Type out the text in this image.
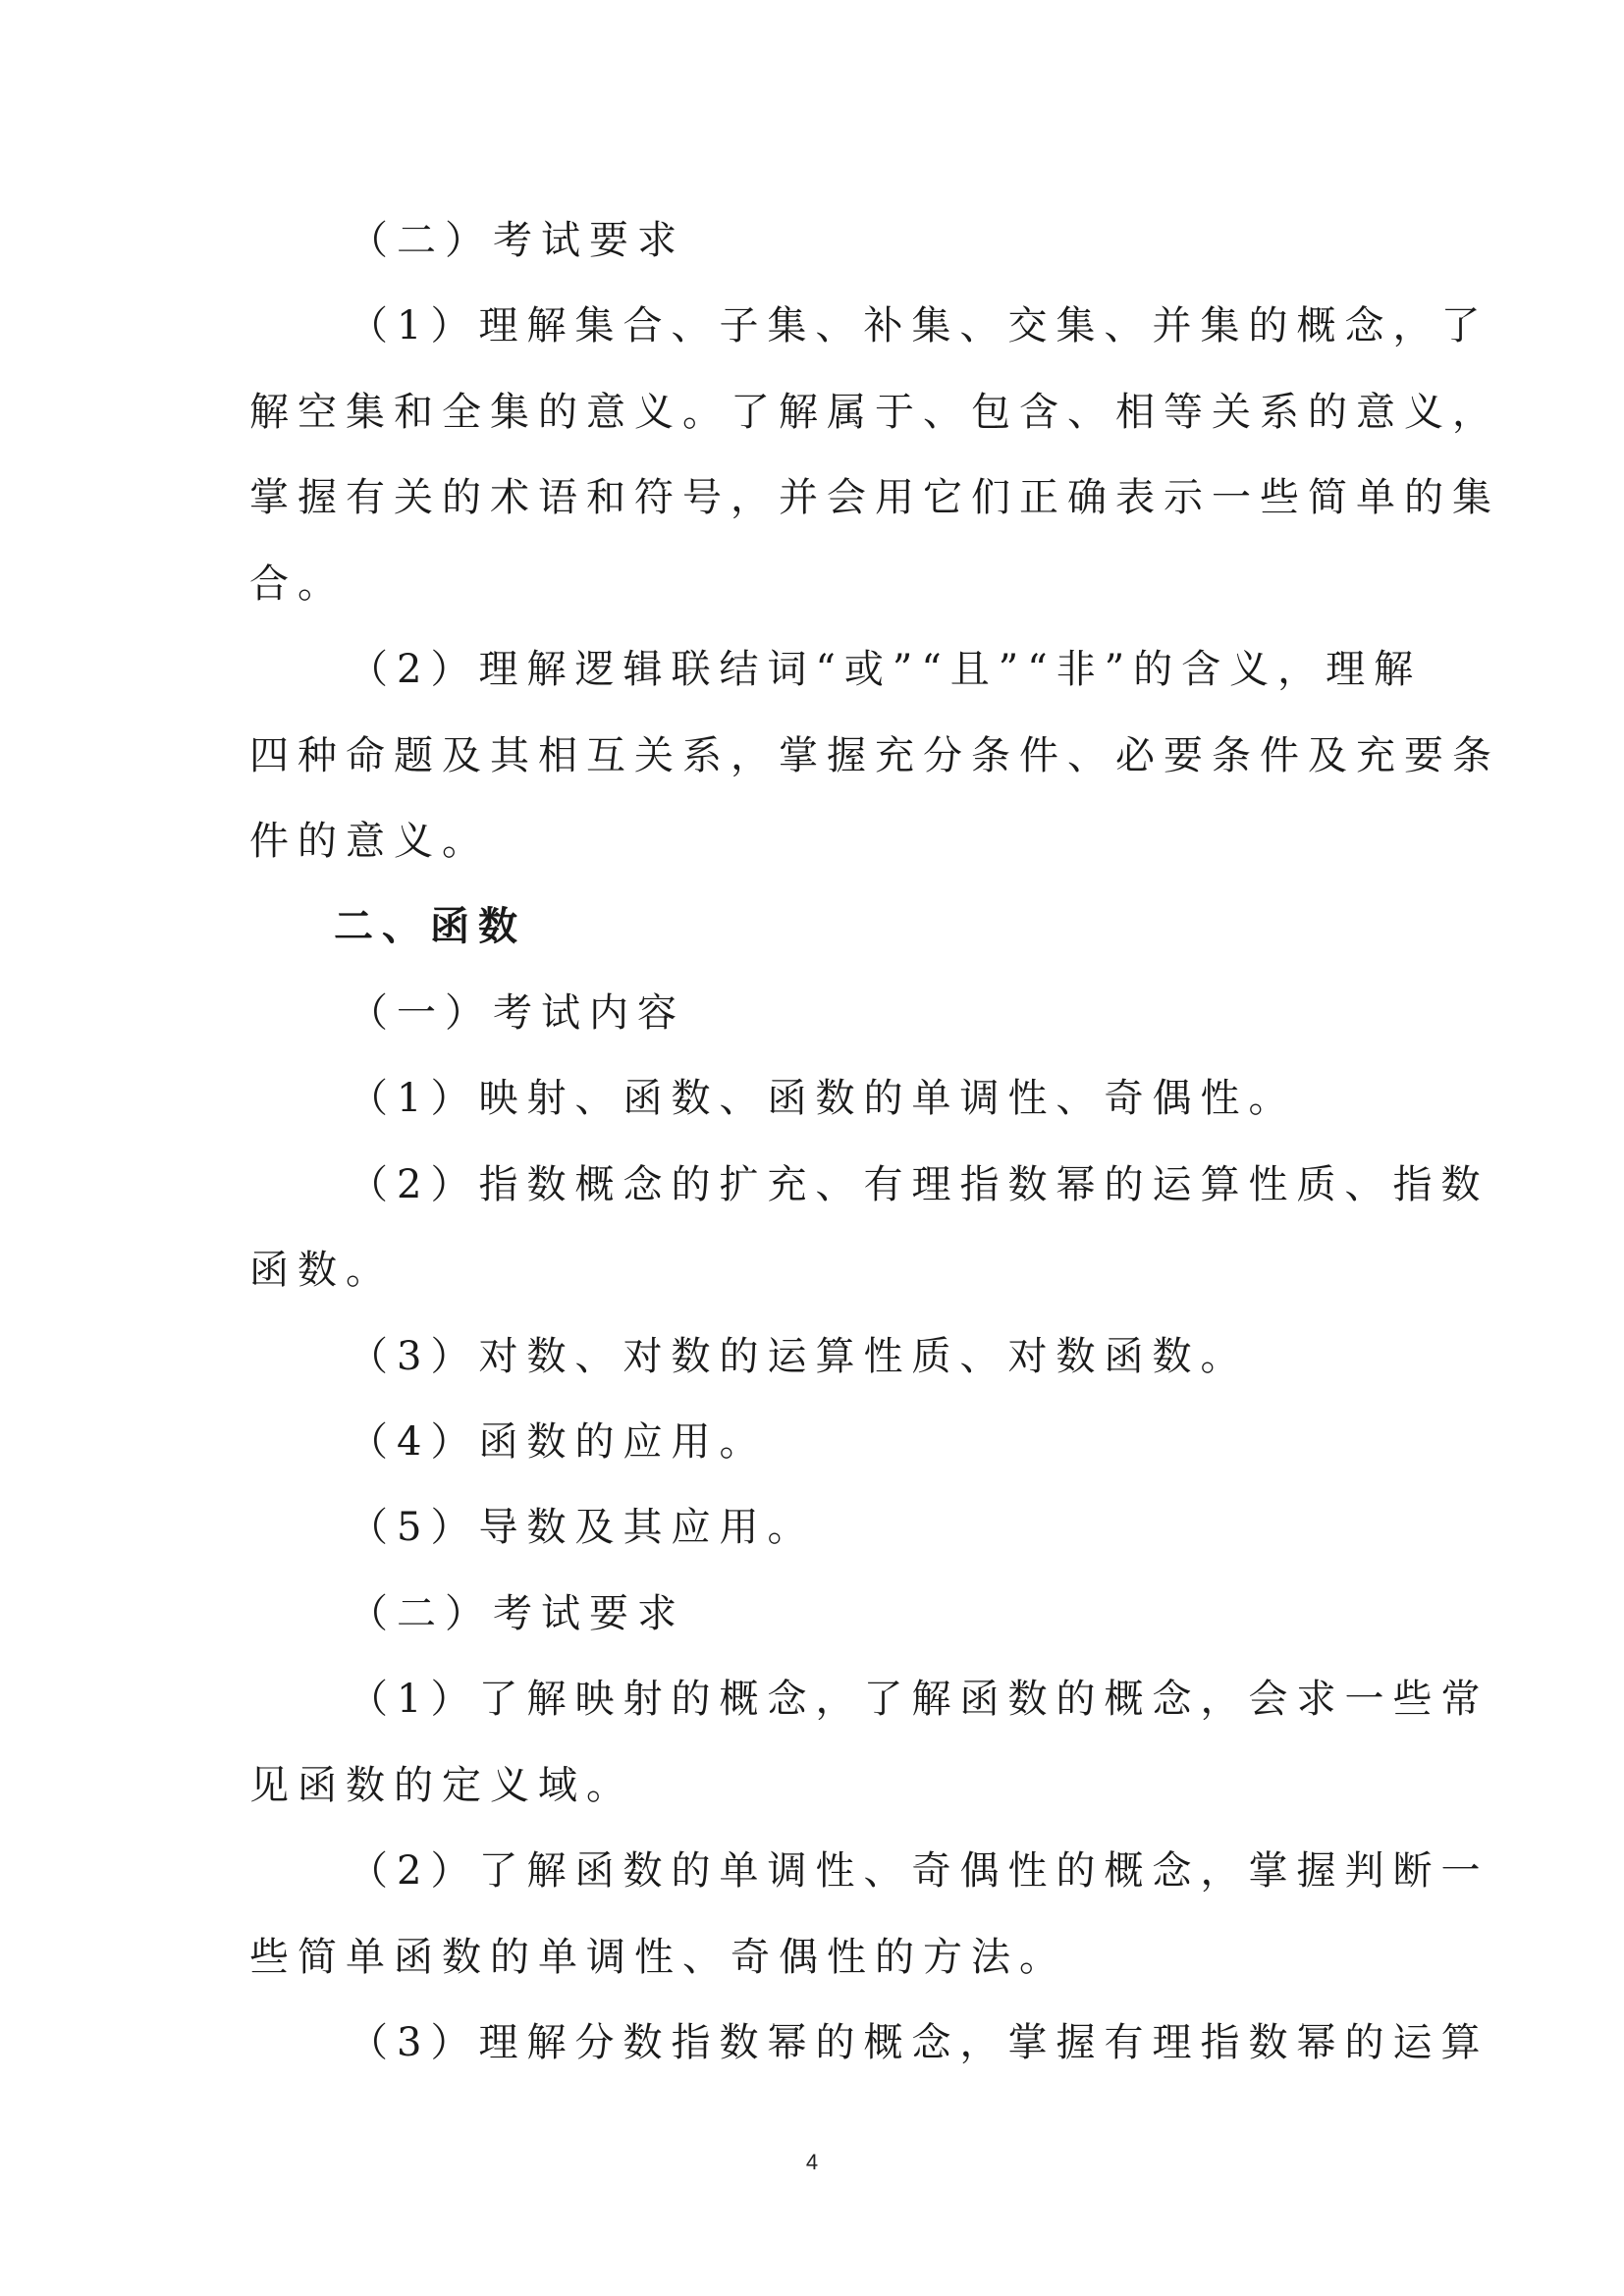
（二）考试要求
（1）理解集合、子集、补集、交集、并集的概念，了
解空集和全集的意义。了解属于、包含、相等关系的意义，
掌握有关的术语和符号，并会用它们正确表示一些简单的集
合。
（2）理解逻辑联结词“或”“且”“非”的含义，理解
四种命题及其相互关系，掌握充分条件、必要条件及充要条
件的意义。
二、函数
（一）考试内容
（1）映射、函数、函数的单调性、奇偶性。
（2）指数概念的扩充、有理指数幂的运算性质、指数
函数。
（3）对数、对数的运算性质、对数函数。
（4）函数的应用。
（5）导数及其应用。
（二）考试要求
（1）了解映射的概念，了解函数的概念，会求一些常
见函数的定义域。
（2）了解函数的单调性、奇偶性的概念，掌握判断一
些简单函数的单调性、奇偶性的方法。
（3）理解分数指数幂的概念，掌握有理指数幂的运算
4
